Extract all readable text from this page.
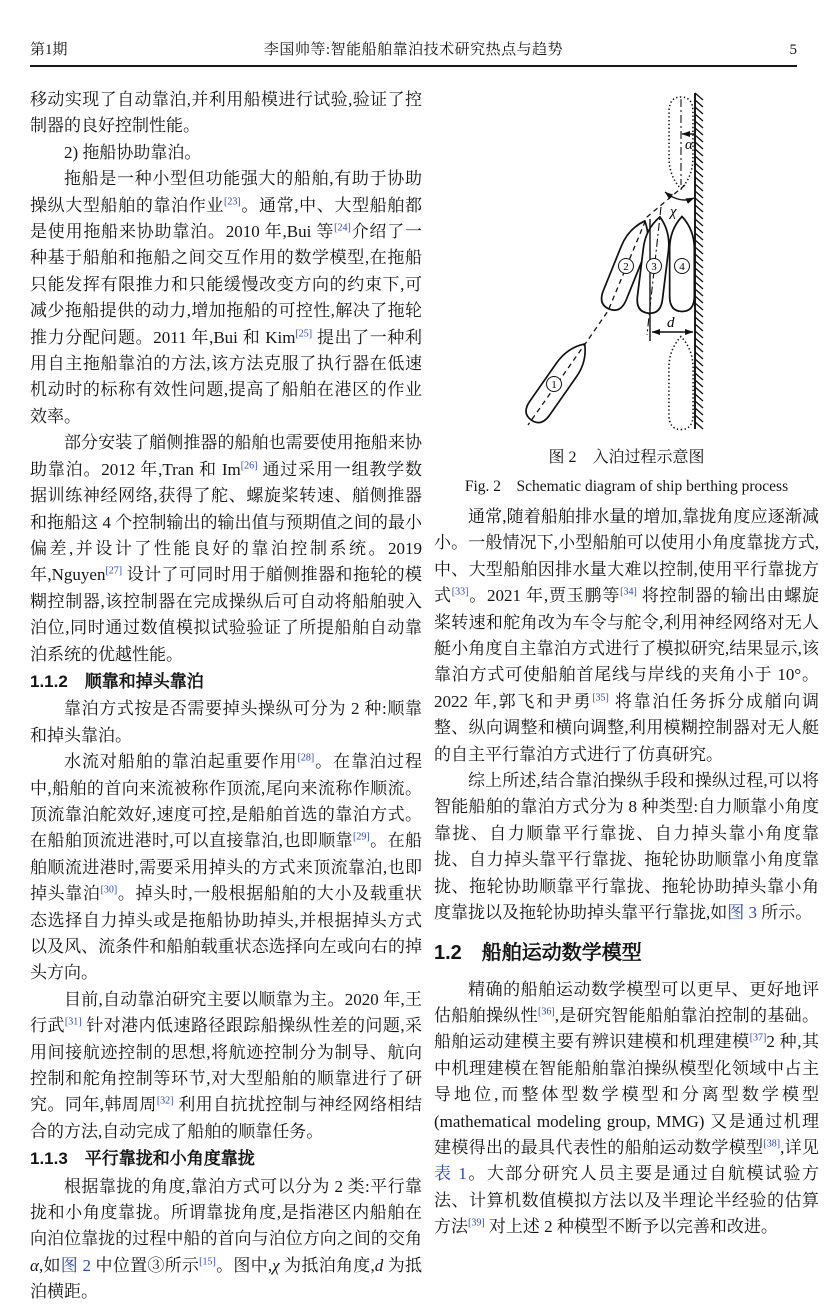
第1期	李国帅等:智能船舶靠泊技术研究热点与趋势	5

移动实现了自动靠泊,并利用船模进行试验,验证了控制器的良好控制性能。

2) 拖船协助靠泊。

拖船是一种小型但功能强大的船舶,有助于协助操纵大型船舶的靠泊作业[23]。通常,中、大型船舶都是使用拖船来协助靠泊。2010 年,Bui 等[24]介绍了一种基于船舶和拖船之间交互作用的数学模型,在拖船只能发挥有限推力和只能缓慢改变方向的约束下,可减少拖船提供的动力,增加拖船的可控性,解决了拖轮推力分配问题。2011 年,Bui 和 Kim[25] 提出了一种利用自主拖船靠泊的方法,该方法克服了执行器在低速机动时的标称有效性问题,提高了船舶在港区的作业效率。

部分安装了艏侧推器的船舶也需要使用拖船来协助靠泊。2012 年,Tran 和 Im[26] 通过采用一组教学数据训练神经网络,获得了舵、螺旋桨转速、艏侧推器和拖船这 4 个控制输出的输出值与预期值之间的最小偏差,并设计了性能良好的靠泊控制系统。2019 年,Nguyen[27] 设计了可同时用于艏侧推器和拖轮的模糊控制器,该控制器在完成操纵后可自动将船舶驶入泊位,同时通过数值模拟试验验证了所提船舶自动靠泊系统的优越性能。

1.1.2　顺靠和掉头靠泊

靠泊方式按是否需要掉头操纵可分为 2 种:顺靠和掉头靠泊。

水流对船舶的靠泊起重要作用[28]。在靠泊过程中,船舶的首向来流被称作顶流,尾向来流称作顺流。顶流靠泊舵效好,速度可控,是船舶首选的靠泊方式。在船舶顶流进港时,可以直接靠泊,也即顺靠[29]。在船舶顺流进港时,需要采用掉头的方式来顶流靠泊,也即掉头靠泊[30]。掉头时,一般根据船舶的大小及载重状态选择自力掉头或是拖船协助掉头,并根据掉头方式以及风、流条件和船舶载重状态选择向左或向右的掉头方向。

目前,自动靠泊研究主要以顺靠为主。2020 年,王行武[31] 针对港内低速路径跟踪船操纵性差的问题,采用间接航迹控制的思想,将航迹控制分为制导、航向控制和舵角控制等环节,对大型船舶的顺靠进行了研究。同年,韩周周[32] 利用自抗扰控制与神经网络相结合的方法,自动完成了船舶的顺靠任务。

1.1.3　平行靠拢和小角度靠拢

根据靠拢的角度,靠泊方式可以分为 2 类:平行靠拢和小角度靠拢。所谓靠拢角度,是指港区内船舶在向泊位靠拢的过程中船的首向与泊位方向之间的交角 α,如图 2 中位置③所示[15]。图中,χ 为抵泊角度,d 为抵泊横距。

α
χ
d
1
2 3 4
图 2　入泊过程示意图
Fig. 2　Schematic diagram of ship berthing process

通常,随着船舶排水量的增加,靠拢角度应逐渐减小。一般情况下,小型船舶可以使用小角度靠拢方式,中、大型船舶因排水量大难以控制,使用平行靠拢方式[33]。2021 年,贾玉鹏等[34] 将控制器的输出由螺旋桨转速和舵角改为车令与舵令,利用神经网络对无人艇小角度自主靠泊方式进行了模拟研究,结果显示,该靠泊方式可使船舶首尾线与岸线的夹角小于 10°。2022 年,郭飞和尹勇[35] 将靠泊任务拆分成艏向调整、纵向调整和横向调整,利用模糊控制器对无人艇的自主平行靠泊方式进行了仿真研究。

综上所述,结合靠泊操纵手段和操纵过程,可以将智能船舶的靠泊方式分为 8 种类型:自力顺靠小角度靠拢、自力顺靠平行靠拢、自力掉头靠小角度靠拢、自力掉头靠平行靠拢、拖轮协助顺靠小角度靠拢、拖轮协助顺靠平行靠拢、拖轮协助掉头靠小角度靠拢以及拖轮协助掉头靠平行靠拢,如图 3 所示。

1.2　船舶运动数学模型

精确的船舶运动数学模型可以更早、更好地评估船舶操纵性[36],是研究智能船舶靠泊控制的基础。船舶运动建模主要有辨识建模和机理建模[37]2 种,其中机理建模在智能船舶靠泊操纵模型化领域中占主导地位,而整体型数学模型和分离型数学模型 (mathematical modeling group, MMG) 又是通过机理建模得出的最具代表性的船舶运动数学模型[38],详见表 1。大部分研究人员主要是通过自航模试验方法、计算机数值模拟方法以及半理论半经验的估算方法[39] 对上述 2 种模型不断予以完善和改进。
